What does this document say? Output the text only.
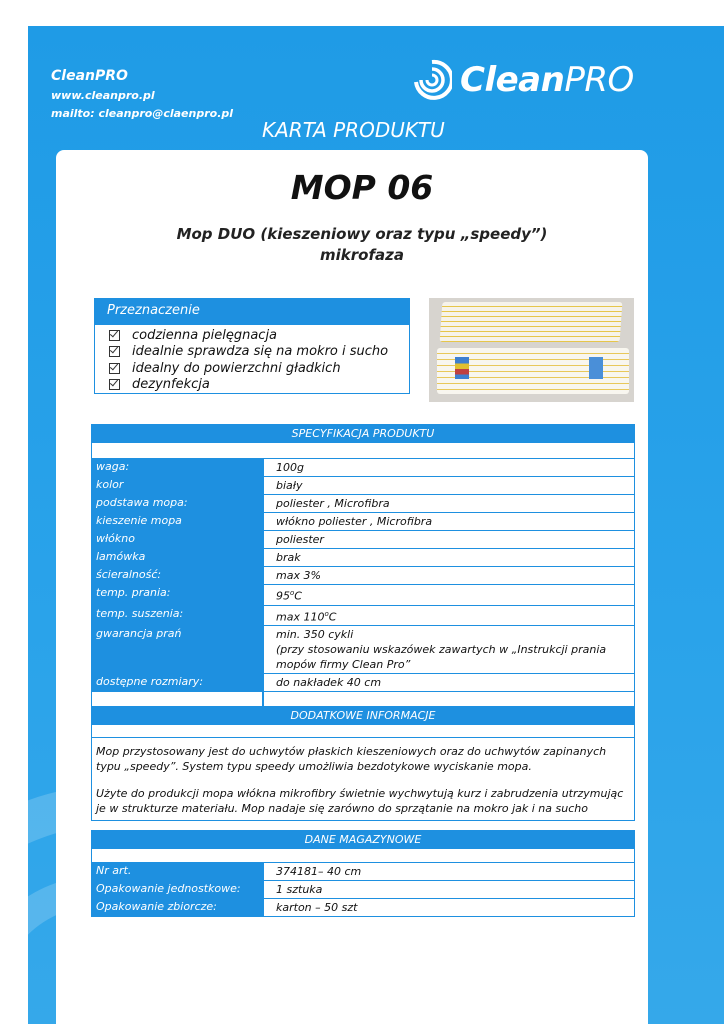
CleanPRO
www.cleanpro.pl
mailto: cleanpro@claenpro.pl
CleanPRO
KARTA PRODUKTU
MOP 06
Mop DUO (kieszeniowy oraz typu „speedy”)
mikrofaza
Przeznaczenie
codzienna pielęgnacja
idealnie sprawdza się na mokro i sucho
idealny do powierzchni gładkich
dezynfekcja
SPECYFIKACJA PRODUKTU
waga:	100g
kolor	biały
podstawa mopa:	poliester , Microfibra
kieszenie mopa	włókno poliester , Microfibra
włókno	poliester
lamówka	brak
ścieralność:	max 3%
temp. prania:	95$^o$C
temp. suszenia:	max 110$^o$C
gwarancja prań	min. 350 cykli
(przy stosowaniu wskazówek zawartych w „Instrukcji prania
mopów firmy Clean Pro”
dostępne rozmiary:	do nakładek 40 cm
DODATKOWE INFORMACJE

Mop przystosowany jest do uchwytów płaskich kieszeniowych oraz do uchwytów zapinanych typu „speedy”. System typu speedy umożliwia bezdotykowe wyciskanie mopa.

Użyte do produkcji mopa włókna mikrofibry świetnie wychwytują kurz i zabrudzenia utrzymując je w strukturze materiału. Mop nadaje się zarówno do sprzątanie na mokro jak i na sucho

DANE MAGAZYNOWE
Nr art.	374181– 40 cm
Opakowanie jednostkowe:	1 sztuka
Opakowanie zbiorcze:	karton – 50 szt
